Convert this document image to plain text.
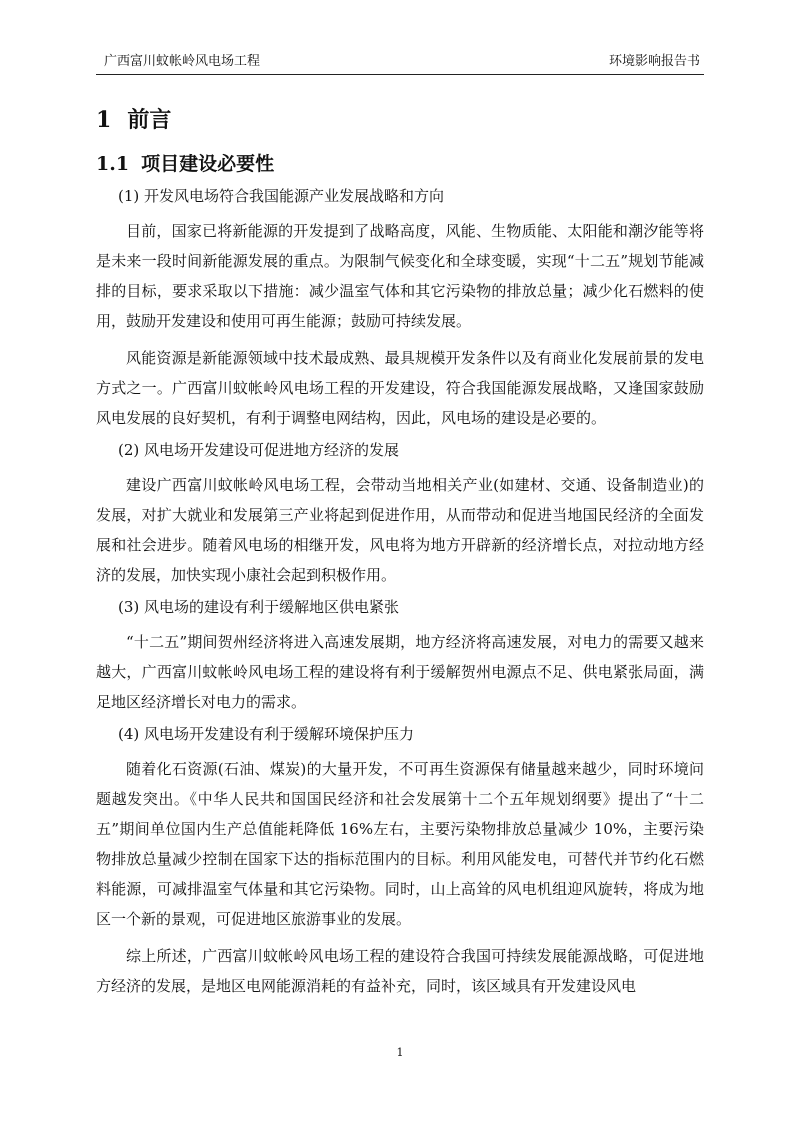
广西富川蚊帐岭风电场工程	环境影响报告书
1 前言
1.1 项目建设必要性
(1) 开发风电场符合我国能源产业发展战略和方向

目前，国家已将新能源的开发提到了战略高度，风能、生物质能、太阳能和潮汐能等将是未来一段时间新能源发展的重点。为限制气候变化和全球变暖，实现“十二五”规划节能减排的目标，要求采取以下措施：减少温室气体和其它污染物的排放总量；减少化石燃料的使用，鼓励开发建设和使用可再生能源；鼓励可持续发展。

风能资源是新能源领域中技术最成熟、最具规模开发条件以及有商业化发展前景的发电方式之一。广西富川蚊帐岭风电场工程的开发建设，符合我国能源发展战略，又逢国家鼓励风电发展的良好契机，有利于调整电网结构，因此，风电场的建设是必要的。

(2) 风电场开发建设可促进地方经济的发展

建设广西富川蚊帐岭风电场工程，会带动当地相关产业(如建材、交通、设备制造业)的发展，对扩大就业和发展第三产业将起到促进作用，从而带动和促进当地国民经济的全面发展和社会进步。随着风电场的相继开发，风电将为地方开辟新的经济增长点，对拉动地方经济的发展，加快实现小康社会起到积极作用。

(3) 风电场的建设有利于缓解地区供电紧张

“十二五”期间贺州经济将进入高速发展期，地方经济将高速发展，对电力的需要又越来越大，广西富川蚊帐岭风电场工程的建设将有利于缓解贺州电源点不足、供电紧张局面，满足地区经济增长对电力的需求。

(4) 风电场开发建设有利于缓解环境保护压力

随着化石资源(石油、煤炭)的大量开发，不可再生资源保有储量越来越少，同时环境问题越发突出。《中华人民共和国国民经济和社会发展第十二个五年规划纲要》提出了“十二五”期间单位国内生产总值能耗降低 16%左右，主要污染物排放总量减少 10%，主要污染物排放总量减少控制在国家下达的指标范围内的目标。利用风能发电，可替代并节约化石燃料能源，可减排温室气体量和其它污染物。同时，山上高耸的风电机组迎风旋转，将成为地区一个新的景观，可促进地区旅游事业的发展。

综上所述，广西富川蚊帐岭风电场工程的建设符合我国可持续发展能源战略，可促进地方经济的发展，是地区电网能源消耗的有益补充，同时，该区域具有开发建设风电

1
